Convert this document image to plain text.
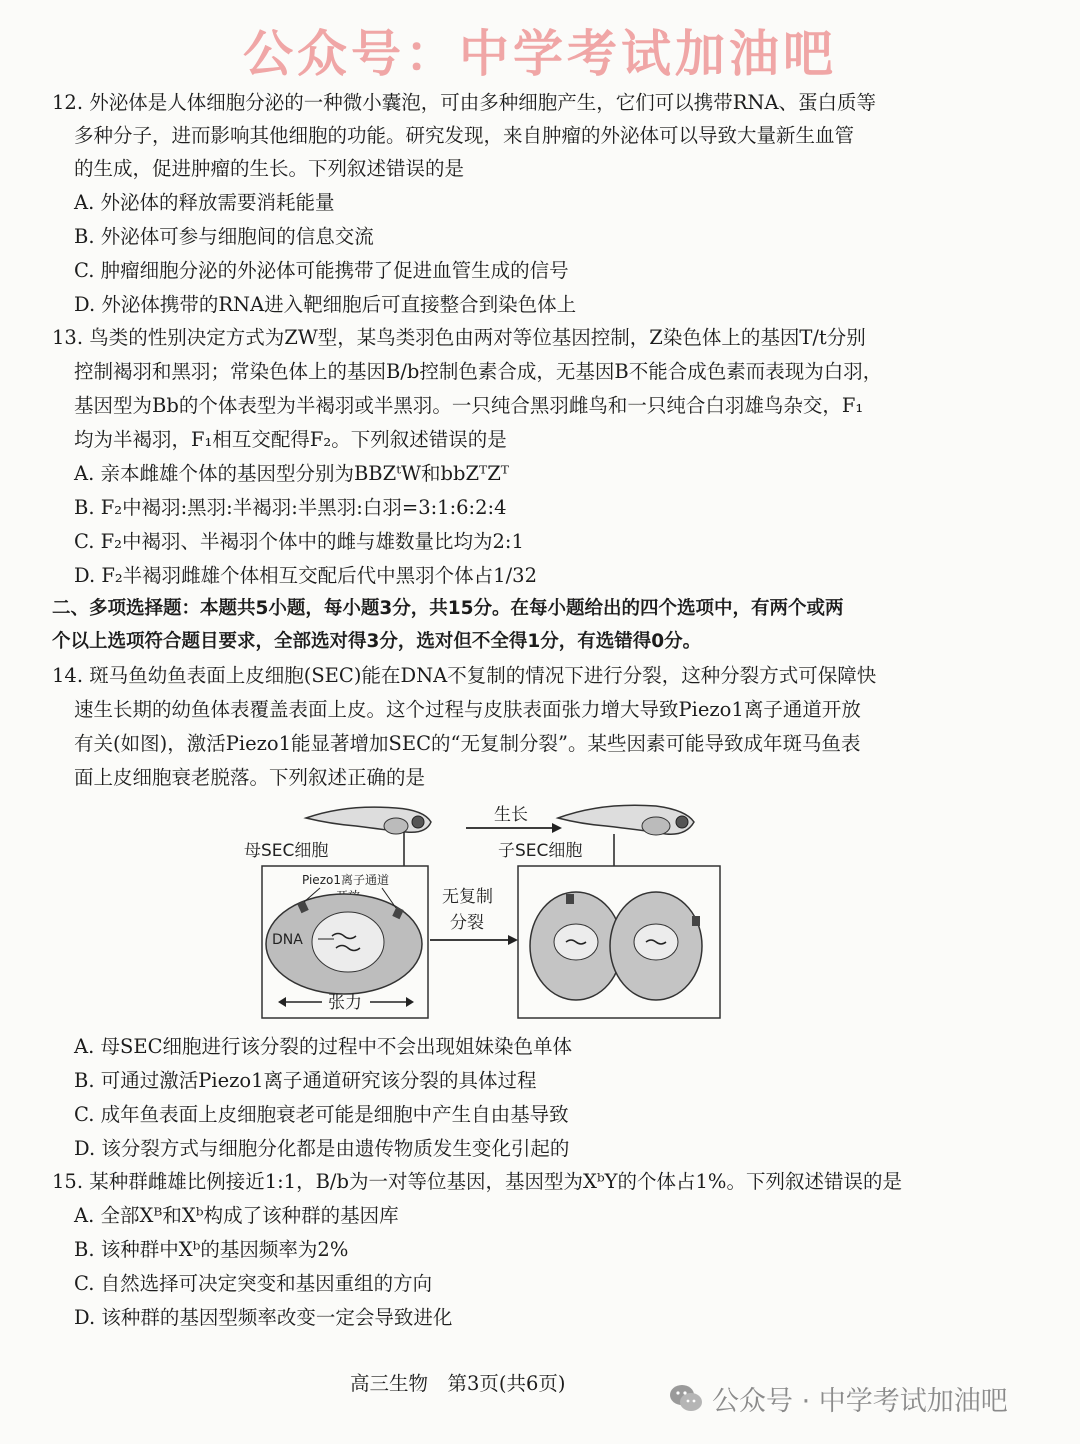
公众号：中学考试加油吧
12. 外泌体是人体细胞分泌的一种微小囊泡，可由多种细胞产生，它们可以携带RNA、蛋白质等
多种分子，进而影响其他细胞的功能。研究发现，来自肿瘤的外泌体可以导致大量新生血管
的生成，促进肿瘤的生长。下列叙述错误的是
A. 外泌体的释放需要消耗能量
B. 外泌体可参与细胞间的信息交流
C. 肿瘤细胞分泌的外泌体可能携带了促进血管生成的信号
D. 外泌体携带的RNA进入靶细胞后可直接整合到染色体上
13. 鸟类的性别决定方式为ZW型，某鸟类羽色由两对等位基因控制，Z染色体上的基因T/t分别
控制褐羽和黑羽；常染色体上的基因B/b控制色素合成，无基因B不能合成色素而表现为白羽，
基因型为Bb的个体表型为半褐羽或半黑羽。一只纯合黑羽雌鸟和一只纯合白羽雄鸟杂交，F₁
均为半褐羽，F₁相互交配得F₂。下列叙述错误的是
A. 亲本雌雄个体的基因型分别为BBZᵗW和bbZᵀZᵀ
B. F₂中褐羽:黑羽:半褐羽:半黑羽:白羽=3:1:6:2:4
C. F₂中褐羽、半褐羽个体中的雌与雄数量比均为2:1
D. F₂半褐羽雌雄个体相互交配后代中黑羽个体占1/32
二、多项选择题：本题共5小题，每小题3分，共15分。在每小题给出的四个选项中，有两个或两
个以上选项符合题目要求，全部选对得3分，选对但不全得1分，有选错得0分。
14. 斑马鱼幼鱼表面上皮细胞(SEC)能在DNA不复制的情况下进行分裂，这种分裂方式可保障快
速生长期的幼鱼体表覆盖表面上皮。这个过程与皮肤表面张力增大导致Piezo1离子通道开放
有关(如图)，激活Piezo1能显著增加SEC的“无复制分裂”。某些因素可能导致成年斑马鱼表
面上皮细胞衰老脱落。下列叙述正确的是
生长
母SEC细胞	子SEC细胞
Piezo1离子通道
DNA
张力
无复制
分裂
A. 母SEC细胞进行该分裂的过程中不会出现姐妹染色单体
B. 可通过激活Piezo1离子通道研究该分裂的具体过程
C. 成年鱼表面上皮细胞衰老可能是细胞中产生自由基导致
D. 该分裂方式与细胞分化都是由遗传物质发生变化引起的
15. 某种群雌雄比例接近1:1，B/b为一对等位基因，基因型为XᵇY的个体占1%。下列叙述错误的是
A. 全部Xᴮ和Xᵇ构成了该种群的基因库
B. 该种群中Xᵇ的基因频率为2%
C. 自然选择可决定突变和基因重组的方向
D. 该种群的基因型频率改变一定会导致进化
高三生物　第3页(共6页)
公众号 · 中学考试加油吧
